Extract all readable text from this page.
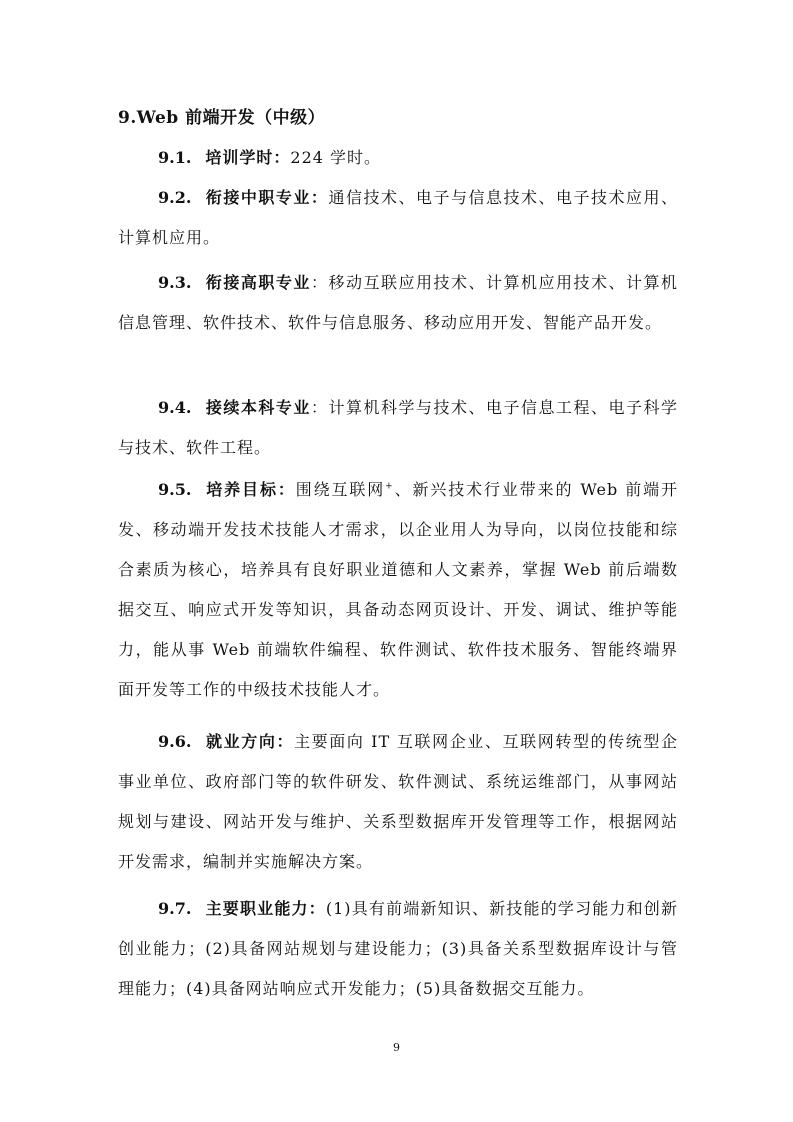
9.Web 前端开发（中级）

9.1. 培训学时：224 学时。

9.2. 衔接中职专业：通信技术、电子与信息技术、电子技术应用、计算机应用。

9.3. 衔接高职专业：移动互联应用技术、计算机应用技术、计算机信息管理、软件技术、软件与信息服务、移动应用开发、智能产品开发。

9.4. 接续本科专业：计算机科学与技术、电子信息工程、电子科学与技术、软件工程。

9.5. 培养目标：围绕互联网+、新兴技术行业带来的 Web 前端开发、移动端开发技术技能人才需求，以企业用人为导向，以岗位技能和综合素质为核心，培养具有良好职业道德和人文素养，掌握 Web 前后端数据交互、响应式开发等知识，具备动态网页设计、开发、调试、维护等能力，能从事 Web 前端软件编程、软件测试、软件技术服务、智能终端界面开发等工作的中级技术技能人才。

9.6. 就业方向：主要面向 IT 互联网企业、互联网转型的传统型企事业单位、政府部门等的软件研发、软件测试、系统运维部门，从事网站规划与建设、网站开发与维护、关系型数据库开发管理等工作，根据网站开发需求，编制并实施解决方案。

9.7. 主要职业能力：(1)具有前端新知识、新技能的学习能力和创新创业能力；(2)具备网站规划与建设能力；(3)具备关系型数据库设计与管理能力；(4)具备网站响应式开发能力；(5)具备数据交互能力。

9
